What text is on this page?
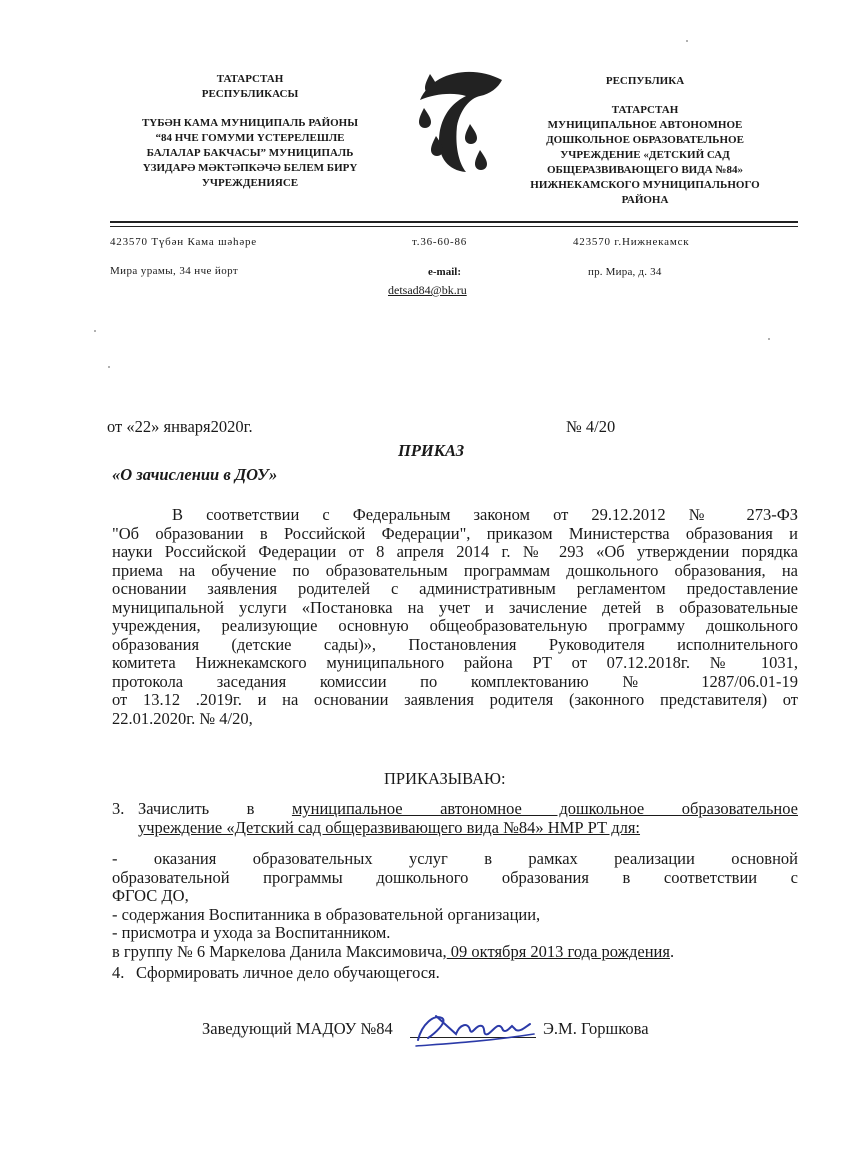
ТАТАРСТАН
РЕСПУБЛИКАСЫ
ТҮБӘН КАМА МУНИЦИПАЛЬ РАЙОНЫ
“84 НЧЕ ГОМУМИ ҮСТЕРЕЛЕШЛЕ
БАЛАЛАР БАКЧАСЫ” МУНИЦИПАЛЬ
ҮЗИДАРӘ МӘКТӘПКӘЧӘ БЕЛЕМ БИРҮ
УЧРЕЖДЕНИЯСЕ
РЕСПУБЛИКА
ТАТАРСТАН
МУНИЦИПАЛЬНОЕ АВТОНОМНОЕ
ДОШКОЛЬНОЕ ОБРАЗОВАТЕЛЬНОЕ
УЧРЕЖДЕНИЕ «ДЕТСКИЙ САД
ОБЩЕРАЗВИВАЮЩЕГО ВИДА №84»
НИЖНЕКАМСКОГО МУНИЦИПАЛЬНОГО
РАЙОНА
423570 Түбән Кама шәһәре
Мира урамы, 34 нче йорт
т.36-60-86
e-mail:
detsad84@bk.ru
423570 г.Нижнекамск
пр. Мира, д. 34
от «22» января2020г.	№ 4/20
ПРИКАЗ
«О зачислении в ДОУ»
В соответствии с Федеральным законом от 29.12.2012 № 273-ФЗ
"Об образовании в Российской Федерации", приказом Министерства образования и
науки Российской Федерации от 8 апреля 2014 г. № 293 «Об утверждении порядка
приема на обучение по образовательным программам дошкольного образования, на
основании заявления родителей с административным регламентом предоставление
муниципальной услуги «Постановка на учет и зачисление детей в образовательные
учреждения, реализующие основную общеобразовательную программу дошкольного
образования (детские сады)», Постановления Руководителя исполнительного
комитета Нижнекамского муниципального района РТ от 07.12.2018г. № 1031,
протокола заседания комиссии по комплектованию № 1287/06.01-19
от 13.12 .2019г. и на основании заявления родителя (законного представителя) от
22.01.2020г. № 4/20,
ПРИКАЗЫВАЮ:
3. Зачислить в муниципальное автономное дошкольное образовательное
учреждение «Детский сад общеразвивающего вида №84» НМР РТ для:
- оказания образовательных услуг в рамках реализации основной
образовательной программы дошкольного образования в соответствии с
ФГОС ДО,
- содержания Воспитанника в образовательной организации,
- присмотра и ухода за Воспитанником.
в группу № 6 Маркелова Данила Максимовича, 09 октября 2013 года рождения.
4. Сформировать личное дело обучающегося.
Заведующий МАДОУ №84	Э.М. Горшкова
